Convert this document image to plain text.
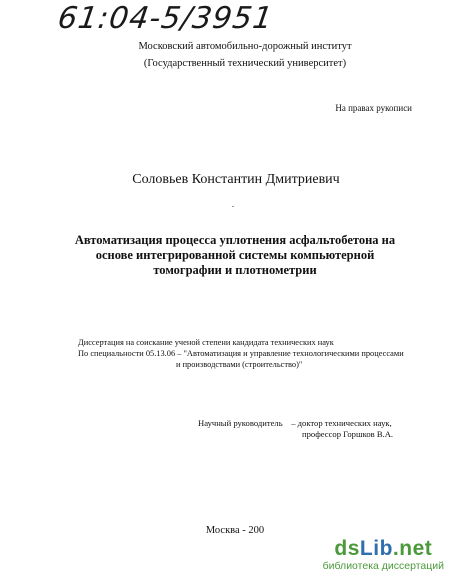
61:04-5/3951
Московский автомобильно-дорожный институт
(Государственный технический университет)
На правах рукописи
Соловьев Константин Дмитриевич
Автоматизация процесса уплотнения асфальтобетона на
основе интегрированной системы компьютерной
томографии и плотнометрии
Диссертация на соискание ученой степени кандидата технических наук
По специальности 05.13.06 – "Автоматизация и управление технологическими процессами
и производствами (строительство)"
Научный руководитель    – доктор технических наук,
профессор Горшков В.А.
Москва - 200
dsLib.net
библиотека диссертаций
